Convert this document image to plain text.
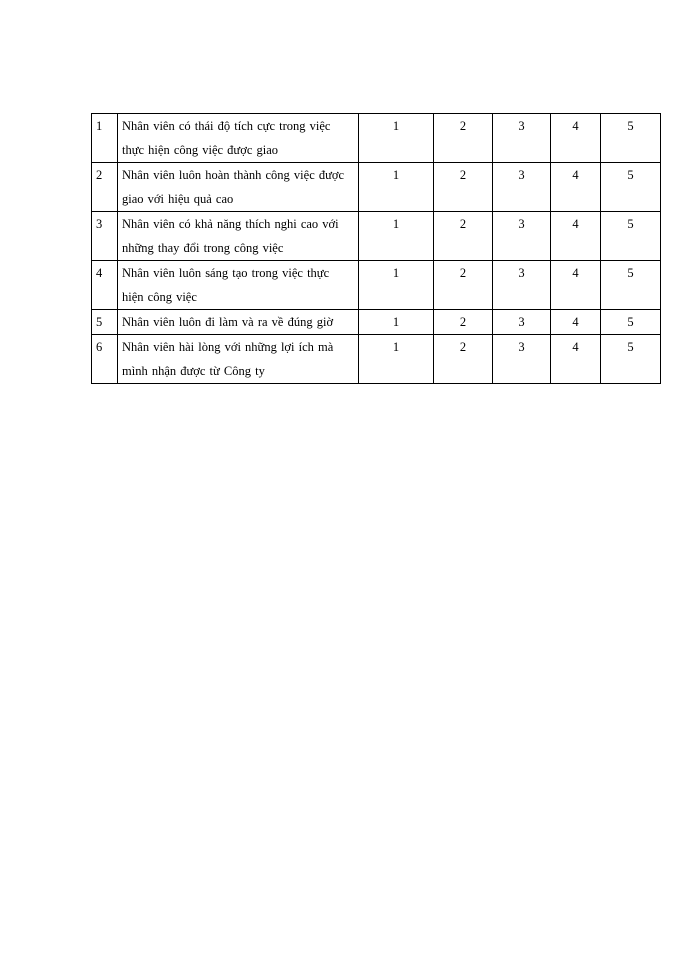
1	Nhân viên có thái độ tích cực trong việc thực hiện công việc được giao	1	2	3	4	5
2	Nhân viên luôn hoàn thành công việc được giao với hiệu quả cao	1	2	3	4	5
3	Nhân viên có khả năng thích nghi cao với những thay đổi trong công việc	1	2	3	4	5
4	Nhân viên luôn sáng tạo trong việc thực hiện công việc	1	2	3	4	5
5	Nhân viên luôn đi làm và ra về đúng giờ	1	2	3	4	5
6	Nhân viên hài lòng với những lợi ích mà mình nhận được từ Công ty	1	2	3	4	5
